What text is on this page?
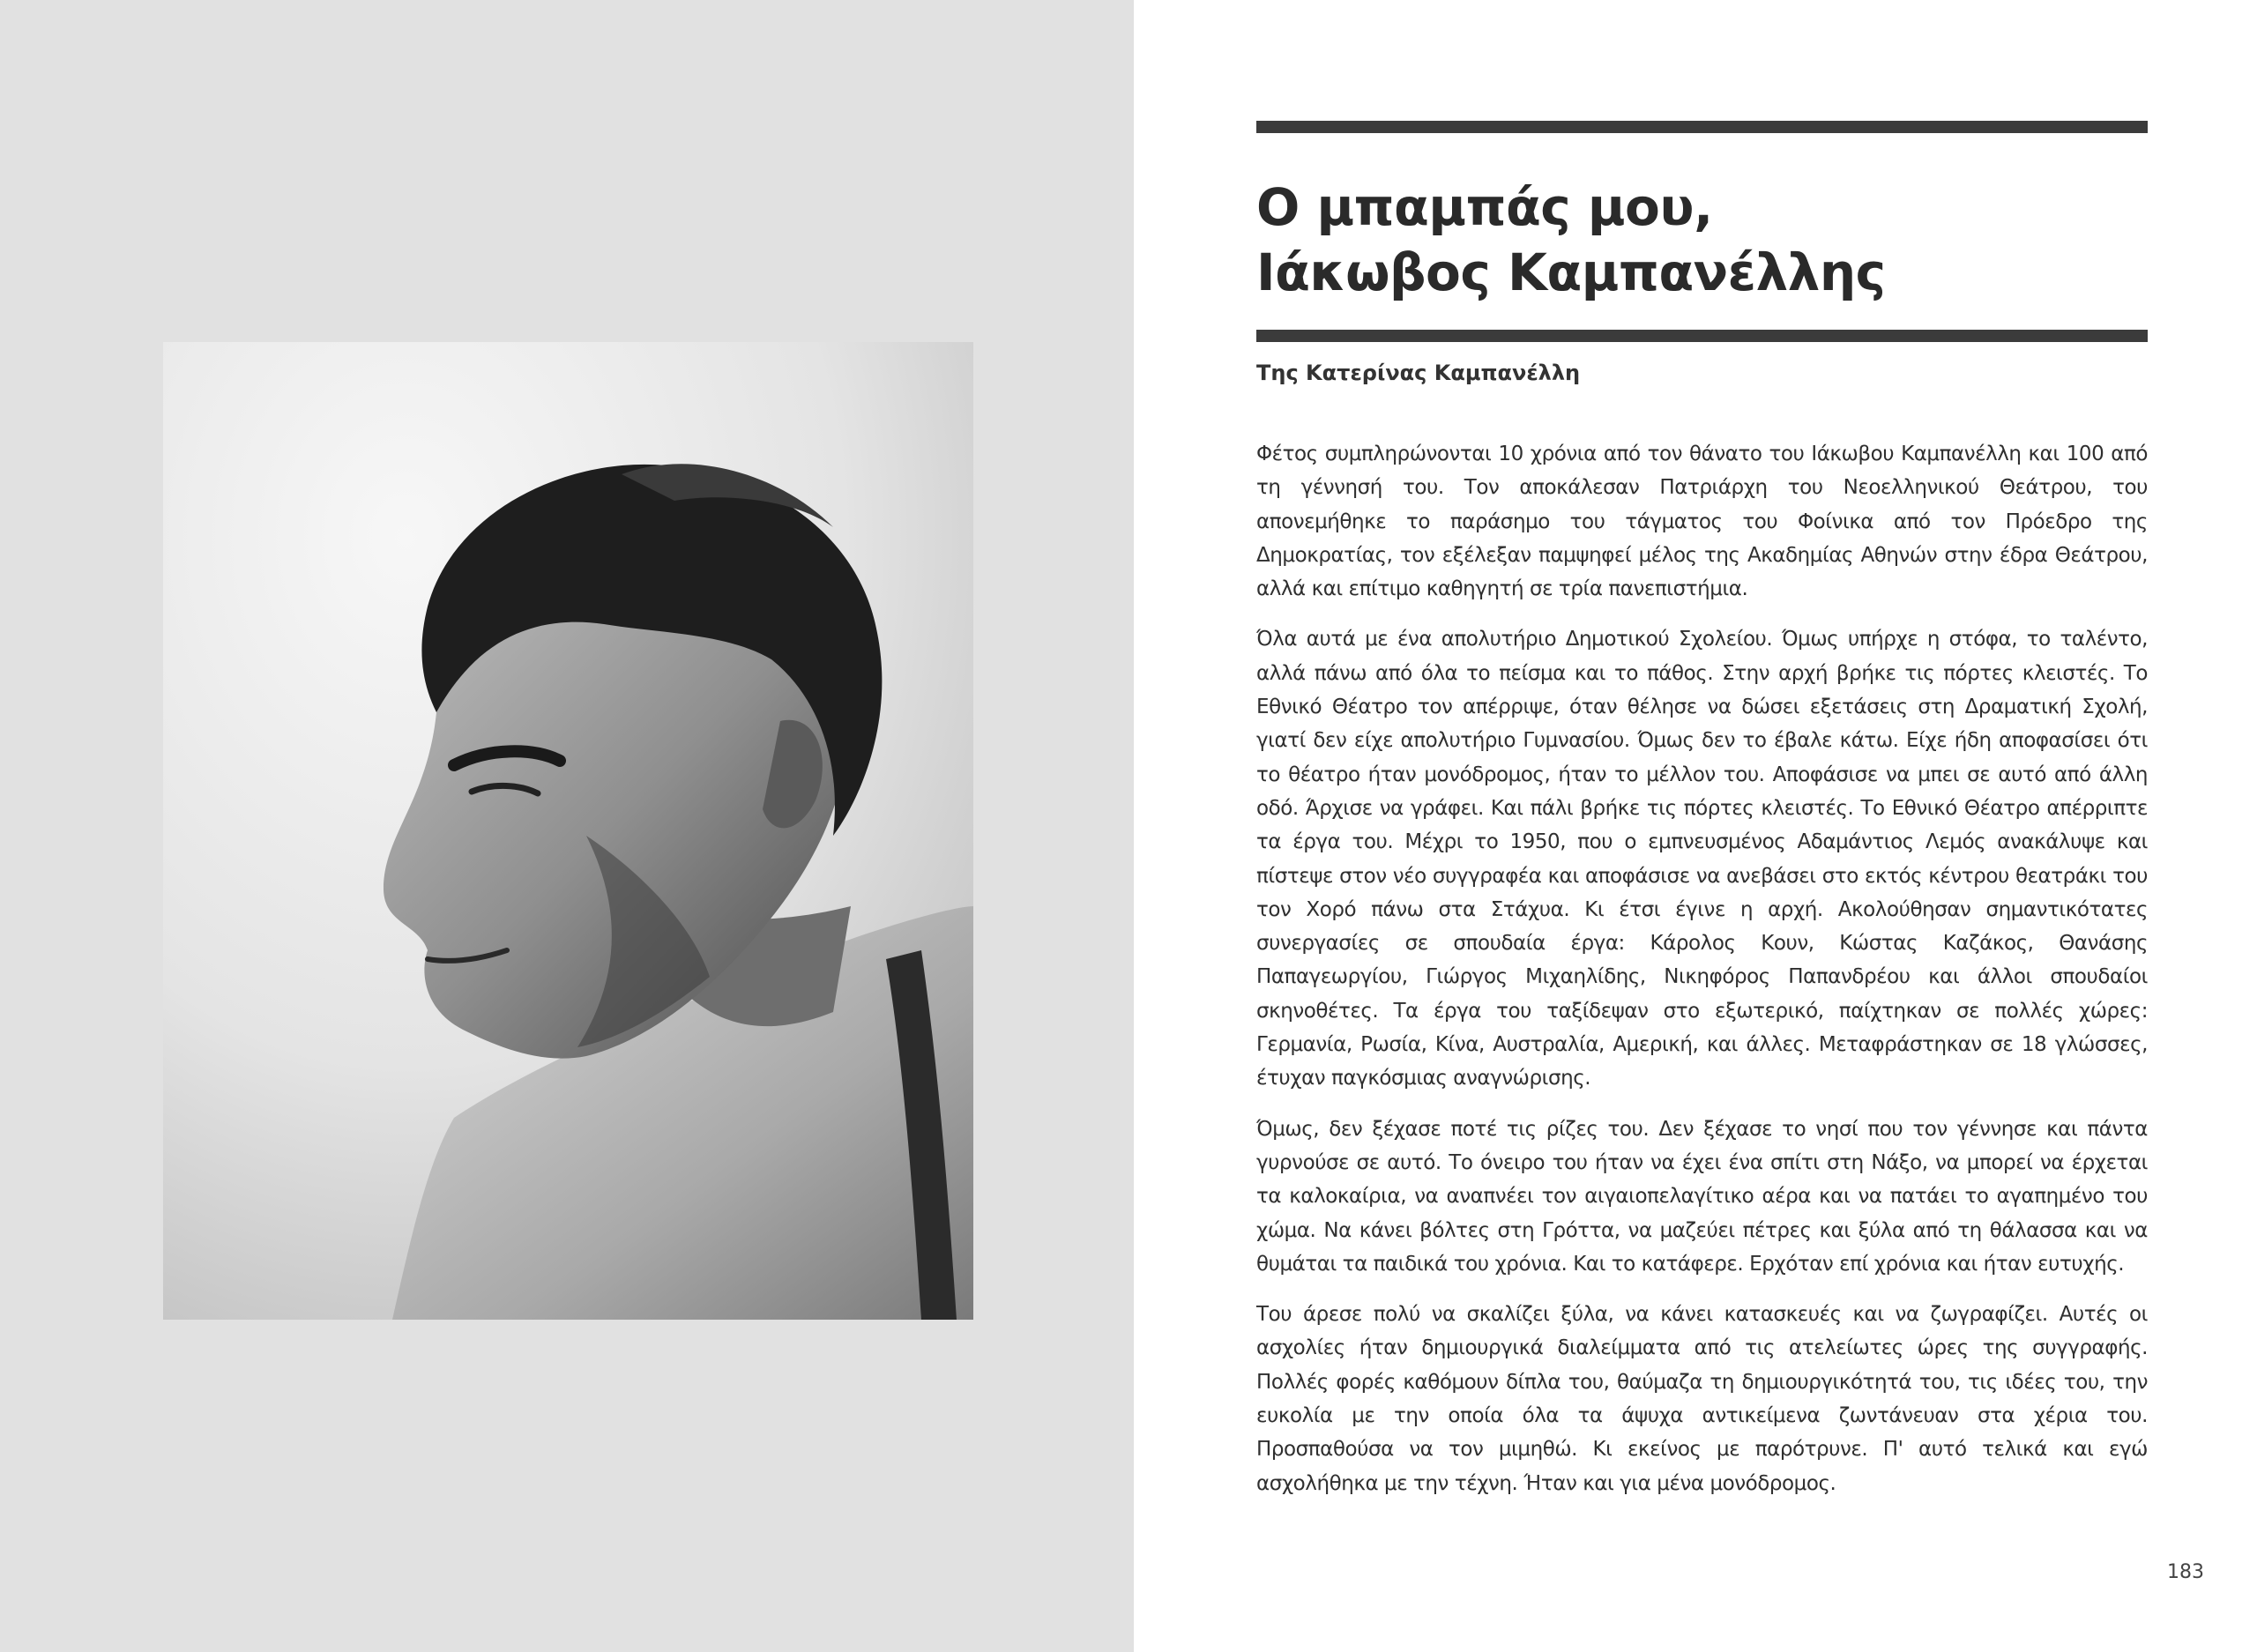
Ο μπαμπάς μου,
Ιάκωβος Καμπανέλλης

Της Κατερίνας Καμπανέλλη

Φέτος συμπληρώνονται 10 χρόνια από τον θάνατο του Ιάκωβου Καμπανέλλη και 100 από τη γέννησή του. Τον αποκάλεσαν Πατριάρχη του Νεοελληνικού Θεάτρου, του απονεμήθηκε το παράσημο του τάγματος του Φοίνικα από τον Πρόεδρο της Δημοκρατίας, τον εξέλεξαν παμψηφεί μέλος της Ακαδημίας Αθηνών στην έδρα Θεάτρου, αλλά και επίτιμο καθηγητή σε τρία πανεπιστήμια.

Όλα αυτά με ένα απολυτήριο Δημοτικού Σχολείου. Όμως υπήρχε η στόφα, το ταλέντο, αλλά πάνω από όλα το πείσμα και το πάθος. Στην αρχή βρήκε τις πόρτες κλειστές. Το Εθνικό Θέατρο τον απέρριψε, όταν θέλησε να δώσει εξετάσεις στη Δραματική Σχολή, γιατί δεν είχε απολυτήριο Γυμνασίου. Όμως δεν το έβαλε κάτω. Είχε ήδη αποφασίσει ότι το θέατρο ήταν μονόδρομος, ήταν το μέλλον του. Αποφάσισε να μπει σε αυτό από άλλη οδό. Άρχισε να γράφει. Και πάλι βρήκε τις πόρτες κλειστές. Το Εθνικό Θέατρο απέρριπτε τα έργα του. Μέχρι το 1950, που ο εμπνευσμένος Αδαμάντιος Λεμός ανακάλυψε και πίστεψε στον νέο συγγραφέα και αποφάσισε να ανεβάσει στο εκτός κέντρου θεατράκι του τον Χορό πάνω στα Στάχυα. Κι έτσι έγινε η αρχή. Ακολούθησαν σημαντικότατες συνεργασίες σε σπουδαία έργα: Κάρολος Κουν, Κώστας Καζάκος, Θανάσης Παπαγεωργίου, Γιώργος Μιχαηλίδης, Νικηφόρος Παπανδρέου και άλλοι σπουδαίοι σκηνοθέτες. Τα έργα του ταξίδεψαν στο εξωτερικό, παίχτηκαν σε πολλές χώρες: Γερμανία, Ρωσία, Κίνα, Αυστραλία, Αμερική, και άλλες. Μεταφράστηκαν σε 18 γλώσσες, έτυχαν παγκόσμιας αναγνώρισης.

Όμως, δεν ξέχασε ποτέ τις ρίζες του. Δεν ξέχασε το νησί που τον γέννησε και πάντα γυρνούσε σε αυτό. Το όνειρο του ήταν να έχει ένα σπίτι στη Νάξο, να μπορεί να έρχεται τα καλοκαίρια, να αναπνέει τον αιγαιοπελαγίτικο αέρα και να πατάει το αγαπημένο του χώμα. Να κάνει βόλτες στη Γρόττα, να μαζεύει πέτρες και ξύλα από τη θάλασσα και να θυμάται τα παιδικά του χρόνια. Και το κατάφερε. Ερχόταν επί χρόνια και ήταν ευτυχής.

Του άρεσε πολύ να σκαλίζει ξύλα, να κάνει κατασκευές και να ζωγραφίζει. Αυτές οι ασχολίες ήταν δημιουργικά διαλείμματα από τις ατελείωτες ώρες της συγγραφής. Πολλές φορές καθόμουν δίπλα του, θαύμαζα τη δημιουργικότητά του, τις ιδέες του, την ευκολία με την οποία όλα τα άψυχα αντικείμενα ζωντάνευαν στα χέρια του. Προσπαθούσα να τον μιμηθώ. Κι εκείνος με παρότρυνε. Π' αυτό τελικά και εγώ ασχολήθηκα με την τέχνη. Ήταν και για μένα μονόδρομος.

183
